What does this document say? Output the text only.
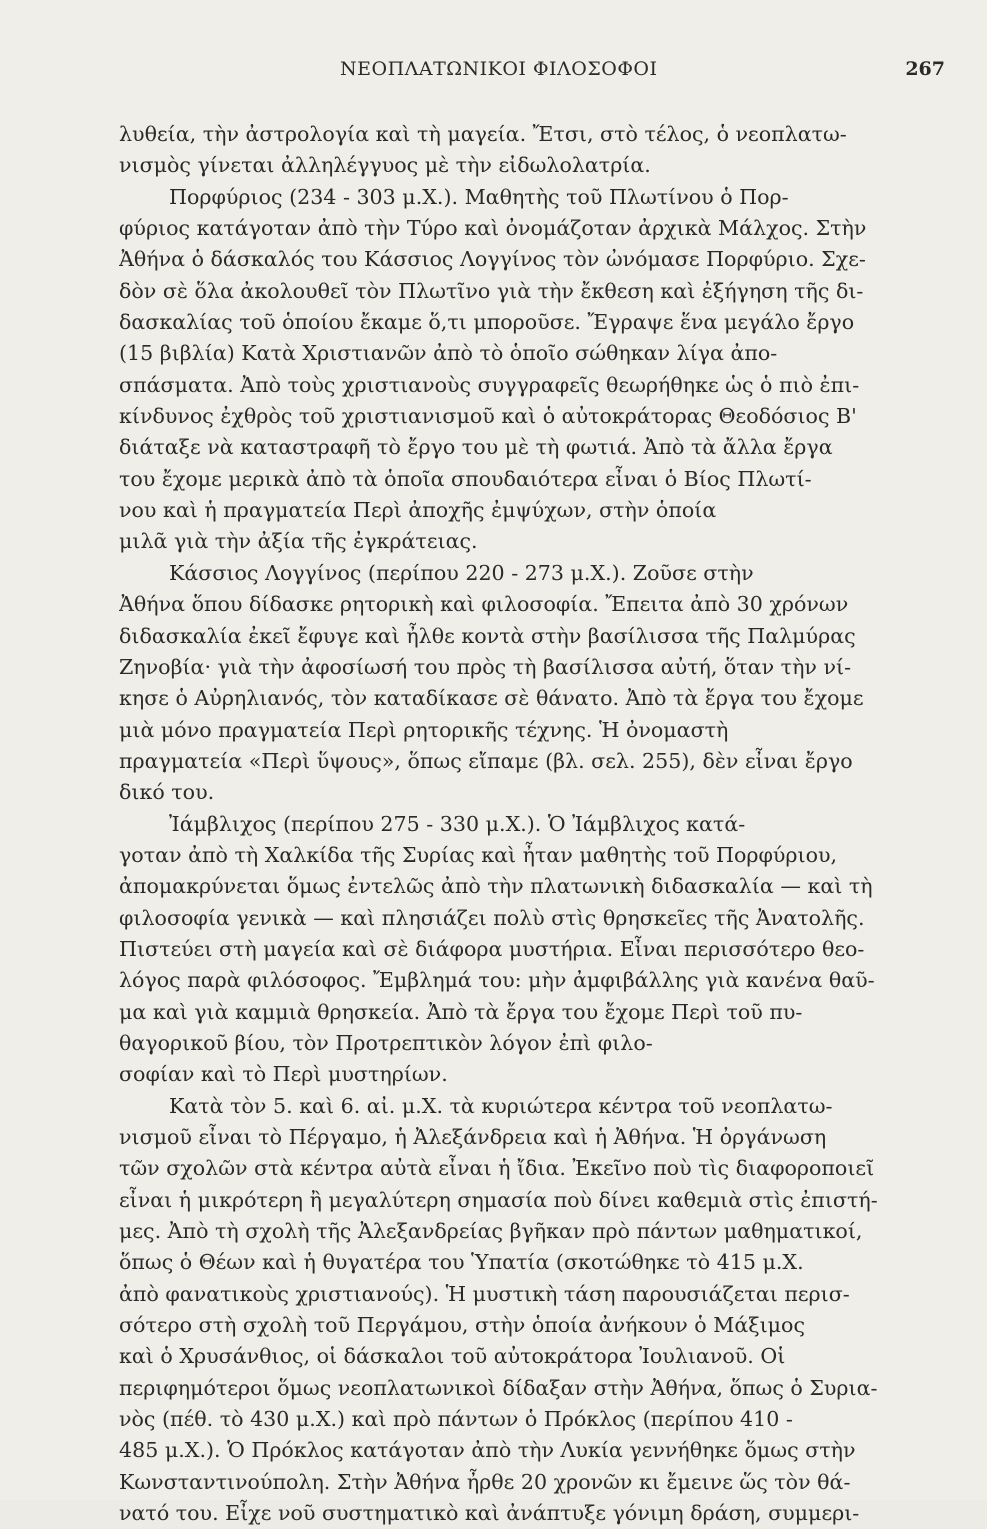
ΝΕΟΠΛΑΤΩΝΙΚΟΙ ΦΙΛΟΣΟΦΟΙ	267
λυθεία, τὴν ἀστρολογία καὶ τὴ μαγεία. Ἔτσι, στὸ τέλος, ὁ νεοπλατω-
νισμὸς γίνεται ἀλληλέγγυος μὲ τὴν εἰδωλολατρία.
Πορφύριος (234 - 303 μ.Χ.). Μαθητὴς τοῦ Πλωτίνου ὁ Πορ-
φύριος κατάγοταν ἀπὸ τὴν Τύρο καὶ ὀνομάζοταν ἀρχικὰ Μάλχος. Στὴν
Ἀθήνα ὁ δάσκαλός του Κάσσιος Λογγίνος τὸν ὠνόμασε Πορφύριο. Σχε-
δὸν σὲ ὅλα ἀκολουθεῖ τὸν Πλωτῖνο γιὰ τὴν ἔκθεση καὶ ἐξήγηση τῆς δι-
δασκαλίας τοῦ ὁποίου ἔκαμε ὅ,τι μποροῦσε. Ἔγραψε ἕνα μεγάλο ἔργο
(15 βιβλία) Κατὰ Χριστιανῶν ἀπὸ τὸ ὁποῖο σώθηκαν λίγα ἀπο-
σπάσματα. Ἀπὸ τοὺς χριστιανοὺς συγγραφεῖς θεωρήθηκε ὡς ὁ πιὸ ἐπι-
κίνδυνος ἐχθρὸς τοῦ χριστιανισμοῦ καὶ ὁ αὐτοκράτορας Θεοδόσιος Β'
διάταξε νὰ καταστραφῆ τὸ ἔργο του μὲ τὴ φωτιά. Ἀπὸ τὰ ἄλλα ἔργα
του ἔχομε μερικὰ ἀπὸ τὰ ὁποῖα σπουδαιότερα εἶναι ὁ Βίος Πλωτί-
νου καὶ ἡ πραγματεία Περὶ ἀποχῆς ἐμψύχων, στὴν ὁποία
μιλᾶ γιὰ τὴν ἀξία τῆς ἐγκράτειας.
Κάσσιος Λογγίνος (περίπου 220 - 273 μ.Χ.). Ζοῦσε στὴν
Ἀθήνα ὅπου δίδασκε ρητορικὴ καὶ φιλοσοφία. Ἔπειτα ἀπὸ 30 χρόνων
διδασκαλία ἐκεῖ ἔφυγε καὶ ἦλθε κοντὰ στὴν βασίλισσα τῆς Παλμύρας
Ζηνοβία· γιὰ τὴν ἀφοσίωσή του πρὸς τὴ βασίλισσα αὐτή, ὅταν τὴν νί-
κησε ὁ Αὐρηλιανός, τὸν καταδίκασε σὲ θάνατο. Ἀπὸ τὰ ἔργα του ἔχομε
μιὰ μόνο πραγματεία Περὶ ρητορικῆς τέχνης. Ἡ ὀνομαστὴ
πραγματεία «Περὶ ὕψους», ὅπως εἴπαμε (βλ. σελ. 255), δὲν εἶναι ἔργο
δικό του.
Ἰάμβλιχος (περίπου 275 - 330 μ.Χ.). Ὁ Ἰάμβλιχος κατά-
γοταν ἀπὸ τὴ Χαλκίδα τῆς Συρίας καὶ ἦταν μαθητὴς τοῦ Πορφύριου,
ἀπομακρύνεται ὅμως ἐντελῶς ἀπὸ τὴν πλατωνικὴ διδασκαλία — καὶ τὴ
φιλοσοφία γενικὰ — καὶ πλησιάζει πολὺ στὶς θρησκεῖες τῆς Ἀνατολῆς.
Πιστεύει στὴ μαγεία καὶ σὲ διάφορα μυστήρια. Εἶναι περισσότερο θεο-
λόγος παρὰ φιλόσοφος. Ἔμβλημά του: μὴν ἀμφιβάλλης γιὰ κανένα θαῦ-
μα καὶ γιὰ καμμιὰ θρησκεία. Ἀπὸ τὰ ἔργα του ἔχομε Περὶ τοῦ πυ-
θαγορικοῦ βίου, τὸν Προτρεπτικὸν λόγον ἐπὶ φιλο-
σοφίαν καὶ τὸ Περὶ μυστηρίων.
Κατὰ τὸν 5. καὶ 6. αἰ. μ.Χ. τὰ κυριώτερα κέντρα τοῦ νεοπλατω-
νισμοῦ εἶναι τὸ Πέργαμο, ἡ Ἀλεξάνδρεια καὶ ἡ Ἀθήνα. Ἡ ὀργάνωση
τῶν σχολῶν στὰ κέντρα αὐτὰ εἶναι ἡ ἴδια. Ἐκεῖνο ποὺ τὶς διαφοροποιεῖ
εἶναι ἡ μικρότερη ἢ μεγαλύτερη σημασία ποὺ δίνει καθεμιὰ στὶς ἐπιστή-
μες. Ἀπὸ τὴ σχολὴ τῆς Ἀλεξανδρείας βγῆκαν πρὸ πάντων μαθηματικοί,
ὅπως ὁ Θέων καὶ ἡ θυγατέρα του Ὑπατία (σκοτώθηκε τὸ 415 μ.Χ.
ἀπὸ φανατικοὺς χριστιανούς). Ἡ μυστικὴ τάση παρουσιάζεται περισ-
σότερο στὴ σχολὴ τοῦ Περγάμου, στὴν ὁποία ἀνήκουν ὁ Μάξιμος
καὶ ὁ Χρυσάνθιος, οἱ δάσκαλοι τοῦ αὐτοκράτορα Ἰουλιανοῦ. Οἱ
περιφημότεροι ὅμως νεοπλατωνικοὶ δίδαξαν στὴν Ἀθήνα, ὅπως ὁ Συρια-
νὸς (πέθ. τὸ 430 μ.Χ.) καὶ πρὸ πάντων ὁ Πρόκλος (περίπου 410 -
485 μ.Χ.). Ὁ Πρόκλος κατάγοταν ἀπὸ τὴν Λυκία γεννήθηκε ὅμως στὴν
Κωνσταντινούπολη. Στὴν Ἀθήνα ἦρθε 20 χρονῶν κι ἔμεινε ὥς τὸν θά-
νατό του. Εἶχε νοῦ συστηματικὸ καὶ ἀνάπτυξε γόνιμη δράση, συμμερι-
